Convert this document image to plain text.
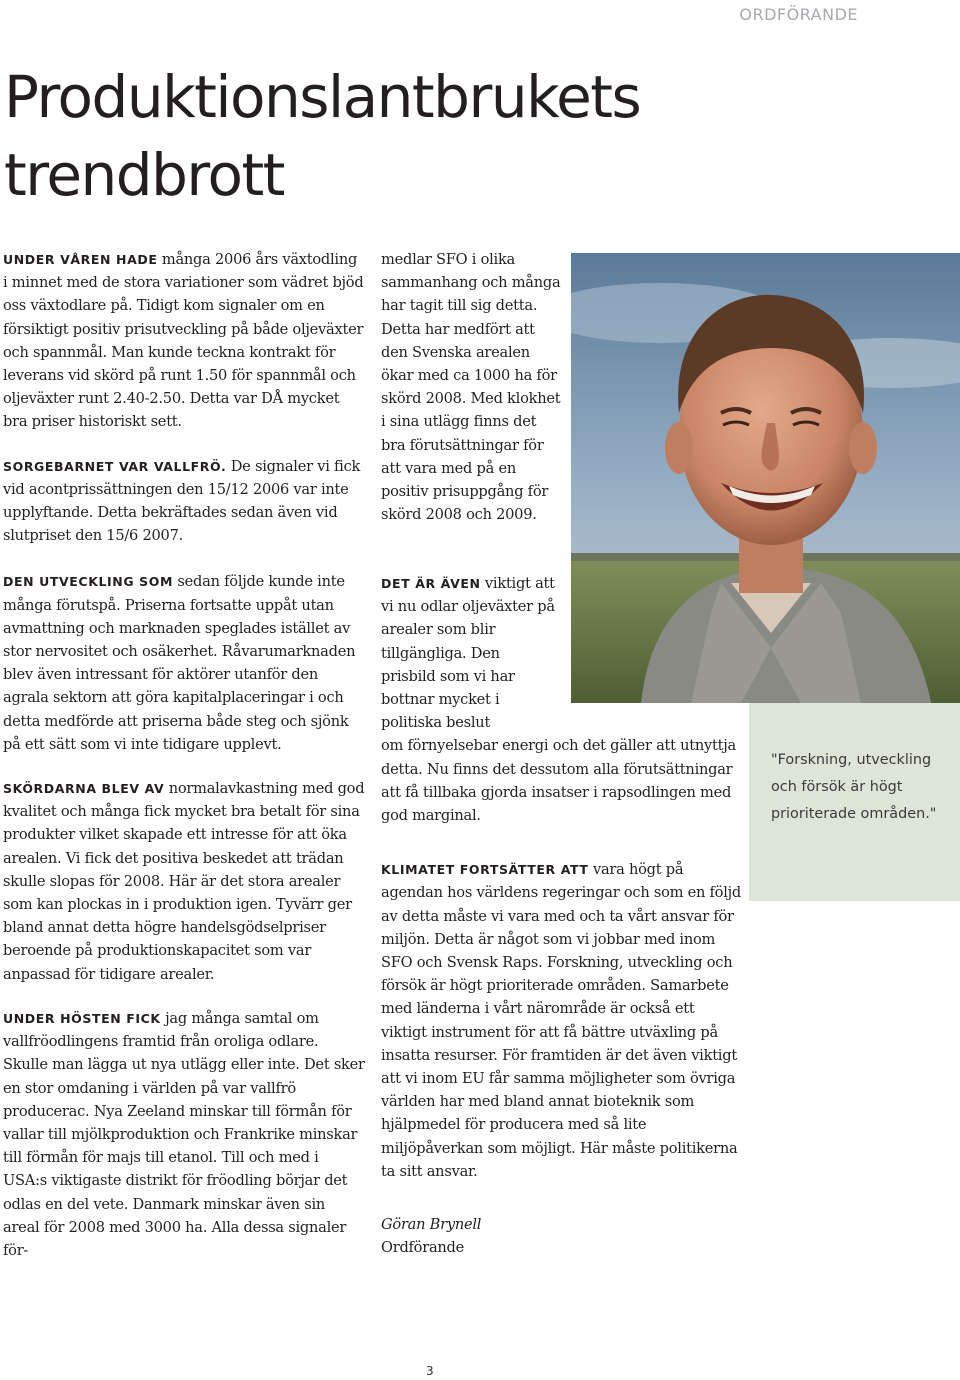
ORDFÖRANDE
Produktionslantbrukets trendbrott

UNDER VÅREN HADE många 2006 års växtodling i minnet med de stora variationer som vädret bjöd oss växtodlare på. Tidigt kom signaler om en försiktigt positiv prisutveckling på både oljeväxter och spannmål. Man kunde teckna kontrakt för leverans vid skörd på runt 1.50 för spannmål och oljeväxter runt 2.40-2.50. Detta var DÅ mycket bra priser historiskt sett.

SORGEBARNET VAR VALLFRÖ. De signaler vi fick vid acontprissättningen den 15/12 2006 var inte upplyftande. Detta bekräftades sedan även vid slutpriset den 15/6 2007.

DEN UTVECKLING SOM sedan följde kunde inte många förutspå. Priserna fortsatte uppåt utan avmattning och marknaden speglades istället av stor nervositet och osäkerhet. Råvarumarknaden blev även intressant för aktörer utanför den agrala sektorn att göra kapitalplaceringar i och detta medförde att priserna både steg och sjönk på ett sätt som vi inte tidigare upplevt.

SKÖRDARNA BLEV AV normalavkastning med god kvalitet och många fick mycket bra betalt för sina produkter vilket skapade ett intresse för att öka arealen. Vi fick det positiva beskedet att trädan skulle slopas för 2008. Här är det stora arealer som kan plockas in i produktion igen. Tyvärr ger bland annat detta högre handelsgödselpriser beroende på produktionskapacitet som var anpassad för tidigare arealer.

UNDER HÖSTEN FICK jag många samtal om vallfröodlingens framtid från oroliga odlare. Skulle man lägga ut nya utlägg eller inte. Det sker en stor omdaning i världen på var vallfrö producerас. Nya Zeeland minskar till förmån för vallar till mjölkproduktion och Frankrike minskar till förmån för majs till etanol. Till och med i USA:s viktigaste distrikt för fröodling börjar det odlas en del vete. Danmark minskar även sin areal för 2008 med 3000 ha. Alla dessa signaler för-

medlar SFO i olika sammanhang och många har tagit till sig detta. Detta har medfört att den Svenska arealen ökar med ca 1000 ha för skörd 2008. Med klokhet i sina utlägg finns det bra förutsättningar för att vara med på en positiv prisuppgång för skörd 2008 och 2009.

DET ÄR ÄVEN viktigt att vi nu odlar oljeväxter på arealer som blir tillgängliga. Den prisbild som vi har bottnar mycket i politiska beslut
om förnyelsebar energi och det gäller att utnyttja detta. Nu finns det dessutom alla förutsättningar att få tillbaka gjorda insatser i rapsodlingen med god marginal.

KLIMATET FORTSÄTTER ATT vara högt på agendan hos världens regeringar och som en följd av detta måste vi vara med och ta vårt ansvar för miljön. Detta är något som vi jobbar med inom SFO och Svensk Raps. Forskning, utveckling och försök är högt prioriterade områden. Samarbete med länderna i vårt närområde är också ett viktigt instrument för att få bättre utväxling på insatta resurser. För framtiden är det även viktigt att vi inom EU får samma möjligheter som övriga världen har med bland annat bioteknik som hjälpmedel för producera med så lite miljöpåverkan som möjligt. Här måste politikerna ta sitt ansvar.

Göran Brynell
Ordförande

"Forskning, utveckling och försök är högt prioriterade områden."

3
